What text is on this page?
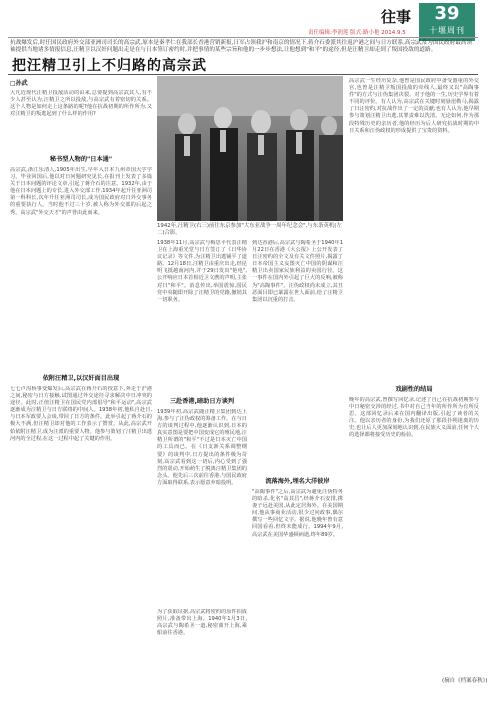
往事	39
十堰周刊
责任编辑:李润莲 版式:路小艳 2014.9.5
抗战爆发后,时任国民政府外交部亚洲司司长的高宗武,原本是秦孝仁在我部长香港营销新报,日军占领我沪和南京的情况下,蒋介石委派其往返沪港之间与日方联系,高宗武常为国民政府最高领袖提供当地诸多情报信息,汪精卫以汉奸问题出走是在与日本签订密约时,并把事情的某些宗旨和他的一步步想法,让他想到"和平"的途径,但是汪精卫却走到了叛国投敌的道路。
把汪精卫引上不归路的高宗武
□孙武
大凡近现代汪精卫投敌活动的由来,总要提到高宗武其人,有不少人甚至认为,汪精卫之所以投敌,与高宗武有着密切的关系。这个人物是如何走上这条路的呢?他在抗战初期的所作所为,又对汪精卫的叛逃起到了什么样的作用?
秘书型人物的"日本通"
高宗武,浙江乐清人,1905年出生,早年入日本九州帝国大学学习。毕业回国后,他以对日问题研究见长,在报刊上发表了多篇关于日本问题的评论文章,引起了蒋介石的注意。1932年,由于他在日本问题上的专长,进入外交部工作,1934年起升任亚洲司第一科科长,次年升任亚洲司司长,成为国民政府对日外交事务的重要执行人。当时他不过三十岁,被人称为外交部的后起之秀。高宗武"外交天才"的声誉由此而来。
依附汪精卫,以汉奸面目出现
七七卢沟桥事变爆发后,高宗武在蒋介石的授意下,奔走于沪港之间,秘密与日方接触,试图通过外交途径寻求解决中日冲突的途径。此时,正值汪精卫在国民党内部倡导"和平运动",高宗武逐渐成为汪精卫与日方联络的中间人。1938年初,他私自赴日,与日本军政要人会谈,带回了日方的条件。此举引起了蒋介石的极大不满,但汪精卫却对他的工作表示了赞赏。从此,高宗武开始依附汪精卫,成为汪派的重要人物。他参与策划了汪精卫出逃河内的全过程,在这一过程中起了关键的作用。
1942年,汪精卫(右三)前往东京参加"大东亚战争一周年纪念会",与东条英机(左二)合影。
1938年11月,高宗武与梅思平代表汪精卫在上海重光堂与日方签订了《日华协议记录》等文件,为汪精卫出逃铺平了道路。12月18日,汪精卫由重庆出走,经昆明飞抵越南河内,并于29日发出"艳电",公开响应日本首相近卫文麿的声明,主张对日"和平"。消息传出,举国震惊,国民党中央随即开除了汪精卫的党籍,撤销其一切职务。
三赴香港,暗助日方谈判
1939年初,高宗武随汪精卫集团到达上海,参与了汪伪政权的筹备工作。在与日方的谈判过程中,他逐渐认识到,日本的真实意图是要把中国变成它的殖民地,汪精卫所谓的"和平"不过是日本灭亡中国的工具而已。在《日支新关系调整纲要》的谈判中,日方提出的条件极为苛刻,高宗武看到这一切后,内心受到了强烈的震动,开始萌生了脱离汪精卫集团的念头。他先后三次前往香港,与国民政府方面取得联系,表示愿意弃暗投明。
为了获取证据,高宗武将密约的原件拍成照片,准备带出上海。1940年1月3日,高宗武与陶希圣一道,秘密离开上海,乘船前往香港。
到达香港后,高宗武与陶希圣于1940年1月22日在香港《大公报》上公开发表了日汪密约的全文及有关文件照片,揭露了日本帝国主义妄图灭亡中国的阴谋和汪精卫出卖国家民族利益的卖国行径。这一事件在国内外引起了巨大的反响,被称为"高陶事件"。汪伪政权尚未成立,其丑恶面目即已暴露在世人面前,给了汪精卫集团以沉重的打击。
流落海外,埋名大洋彼岸
"高陶事件"之后,高宗武为避免汪伪特务的暗杀,化名"高其昌",经蒋介石安排,携妻子远赴美国,从此定居海外。在美国期间,他从事商业活动,很少过问政事,偶尔撰写一些回忆文字。据说,他晚年曾有意回国看看,但终未能成行。1994年9月,高宗武在美国华盛顿病逝,终年89岁。
高宗武一生经历复杂,他曾是国民政府中备受器重的外交官,也曾是汪精卫叛国投敌的牵线人,最终又以"高陶事件"的方式与汪伪集团决裂。对于他的一生,历史学界有着不同的评价。有人认为,高宗武在关键时刻悬崖勒马,揭露了日汪密约,对抗战作出了一定的贡献;也有人认为,他早期参与策划汪精卫出逃,其罪责难以洗清。无论如何,作为那段特殊历史的亲历者,他的经历为后人研究抗战时期的中日关系和汪伪政权的形成提供了宝贵的资料。
戏剧性的结局
晚年的高宗武,曾撰写回忆录,记述了自己在抗战初期参与中日秘密交涉的经过,书中对自己当年的所作所为有所反思。这部回忆录后来在国内翻译出版,引起了读者的关注。他以亲历者的身份,为我们还原了那段扑朔迷离的历史,也让后人更加深刻地认识到,在民族大义面前,任何个人的选择都将接受历史的检验。
(摘自《档案春秋》)
